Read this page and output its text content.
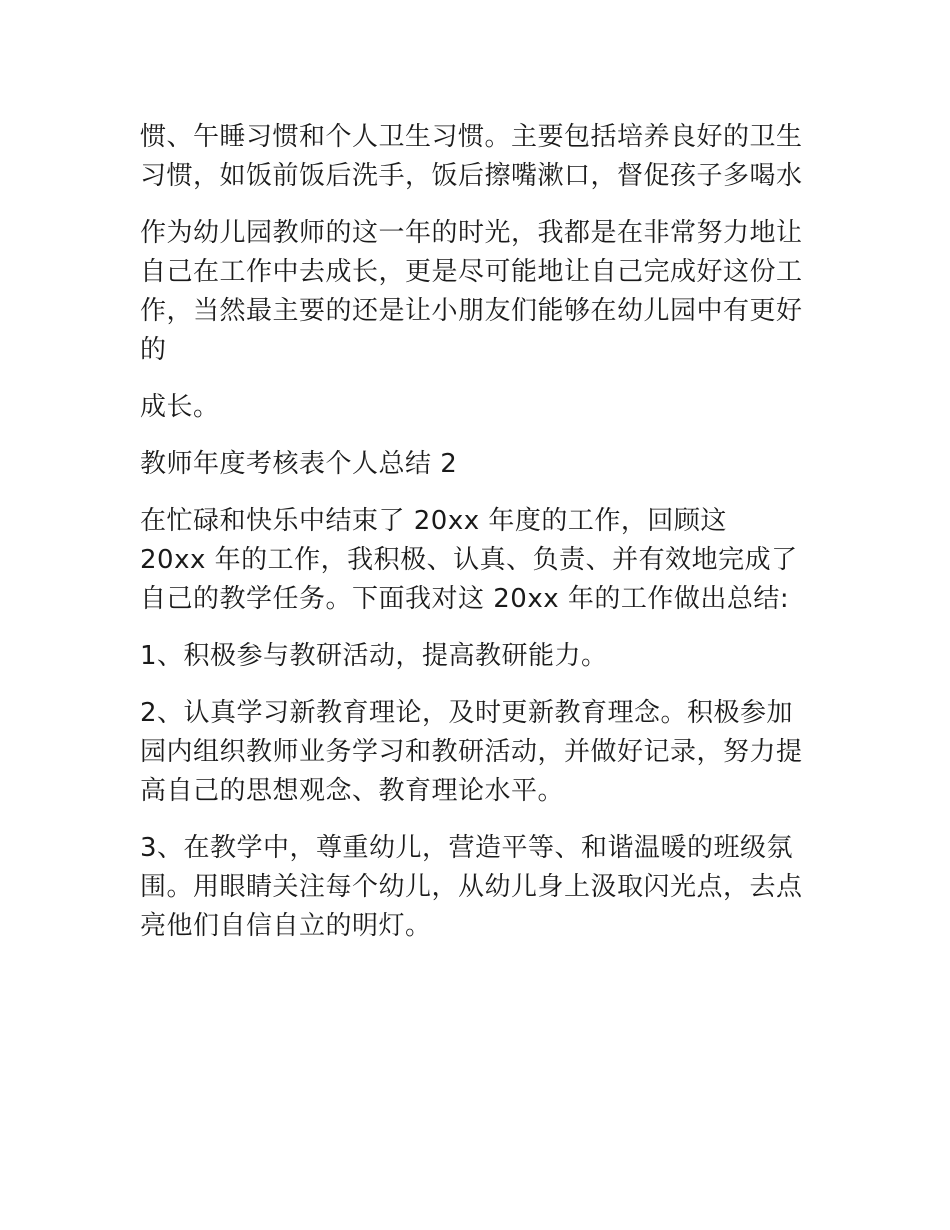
惯、午睡习惯和个人卫生习惯。主要包括培养良好的卫生习惯，如饭前饭后洗手，饭后擦嘴漱口，督促孩子多喝水

作为幼儿园教师的这一年的时光，我都是在非常努力地让自己在工作中去成长，更是尽可能地让自己完成好这份工作，当然最主要的还是让小朋友们能够在幼儿园中有更好的

成长。

教师年度考核表个人总结 2

在忙碌和快乐中结束了 20xx 年度的工作，回顾这
20xx 年的工作，我积极、认真、负责、并有效地完成了自己的教学任务。下面我对这 20xx 年的工作做出总结:

1、积极参与教研活动，提高教研能力。

2、认真学习新教育理论，及时更新教育理念。积极参加园内组织教师业务学习和教研活动，并做好记录，努力提高自己的思想观念、教育理论水平。

3、在教学中，尊重幼儿，营造平等、和谐温暖的班级氛围。用眼睛关注每个幼儿，从幼儿身上汲取闪光点，去点亮他们自信自立的明灯。
